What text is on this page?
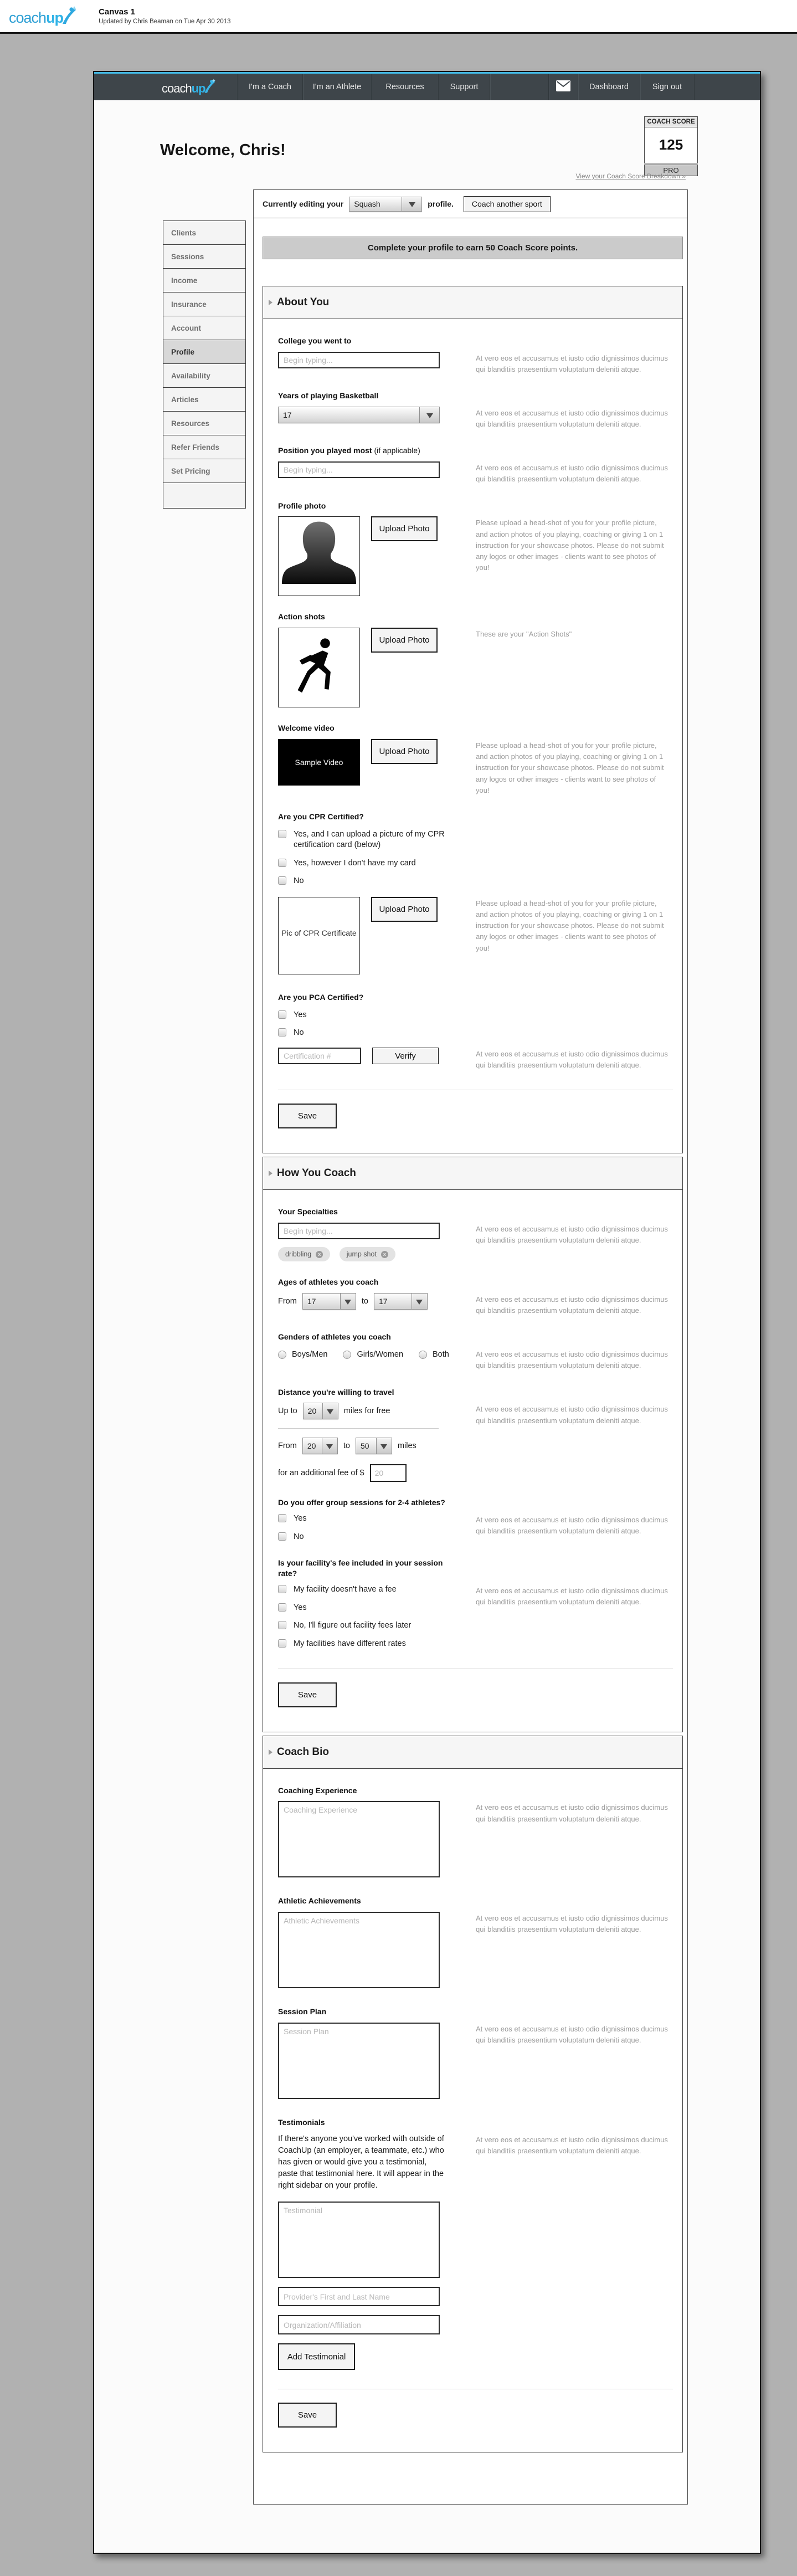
coachup	Canvas 1
Updated by Chris Beaman on Tue Apr 30 2013
coachup	I'm a Coach	I'm an Athlete	Resources	Support	Dashboard	Sign out
Welcome, Chris!
COACH SCORE
125
PRO
View your Coach Score Breakdown »
Clients
Sessions
Income
Insurance
Account
Profile
Availability
Articles
Resources
Refer Friends
Set Pricing
Currently editing your	Squash	profile.	Coach another sport
Complete your profile to earn 50 Coach Score points.
About You
College you went to
Begin typing...
At vero eos et accusamus et iusto odio dignissimos ducimus qui blanditiis praesentium voluptatum deleniti atque.
Years of playing Basketball
17	At vero eos et accusamus et iusto odio dignissimos ducimus qui blanditiis praesentium voluptatum deleniti atque.
Position you played most (if applicable)
Begin typing...
At vero eos et accusamus et iusto odio dignissimos ducimus qui blanditiis praesentium voluptatum deleniti atque.
Profile photo
Upload Photo
Please upload a head-shot of you for your profile picture, and action photos of you playing, coaching or giving 1 on 1 instruction for your showcase photos. Please do not submit any logos or other images - clients want to see photos of you!
Action shots
Upload Photo
These are your "Action Shots"
Welcome video
Sample Video
Upload Photo
Please upload a head-shot of you for your profile picture, and action photos of you playing, coaching or giving 1 on 1 instruction for your showcase photos. Please do not submit any logos or other images - clients want to see photos of you!
Are you CPR Certified?
Yes, and I can upload a picture of my CPR certification card (below)
Yes, however I don't have my card
No
Pic of CPR Certificate
Upload Photo
Please upload a head-shot of you for your profile picture, and action photos of you playing, coaching or giving 1 on 1 instruction for your showcase photos. Please do not submit any logos or other images - clients want to see photos of you!
Are you PCA Certified?
Yes
No
Certification #
Verify	At vero eos et accusamus et iusto odio dignissimos ducimus qui blanditiis praesentium voluptatum deleniti atque.
Save
How You Coach
Your Specialties
Begin typing...
dribbling	x
	jump shot	x
At vero eos et accusamus et iusto odio dignissimos ducimus qui blanditiis praesentium voluptatum deleniti atque.
Ages of athletes you coach
From	17	to	17	At vero eos et accusamus et iusto odio dignissimos ducimus qui blanditiis praesentium voluptatum deleniti atque.
Genders of athletes you coach
Boys/Men	Girls/Women	Both	At vero eos et accusamus et iusto odio dignissimos ducimus qui blanditiis praesentium voluptatum deleniti atque.
Distance you're willing to travel
Up to	20	miles for free
From	20	to	50	miles
for an additional fee of $
20
At vero eos et accusamus et iusto odio dignissimos ducimus qui blanditiis praesentium voluptatum deleniti atque.
Do you offer group sessions for 2-4 athletes?
Yes
No
At vero eos et accusamus et iusto odio dignissimos ducimus qui blanditiis praesentium voluptatum deleniti atque.
Is your facility's fee included in your session rate?
My facility doesn't have a fee
Yes
No, I'll figure out facility fees later
My facilities have different rates
At vero eos et accusamus et iusto odio dignissimos ducimus qui blanditiis praesentium voluptatum deleniti atque.
Save
Coach Bio
Coaching Experience
Coaching Experience
At vero eos et accusamus et iusto odio dignissimos ducimus qui blanditiis praesentium voluptatum deleniti atque.
Athletic Achievements
Athletic Achievements
At vero eos et accusamus et iusto odio dignissimos ducimus qui blanditiis praesentium voluptatum deleniti atque.
Session Plan
Session Plan
At vero eos et accusamus et iusto odio dignissimos ducimus qui blanditiis praesentium voluptatum deleniti atque.
Testimonials
If there's anyone you've worked with outside of CoachUp (an employer, a teammate, etc.) who has given or would give you a testimonial, paste that testimonial here. It will appear in the right sidebar on your profile.
Testimonial
Provider's First and Last Name
Organization/Affiliation
Add Testimonial
At vero eos et accusamus et iusto odio dignissimos ducimus qui blanditiis praesentium voluptatum deleniti atque.
Save
